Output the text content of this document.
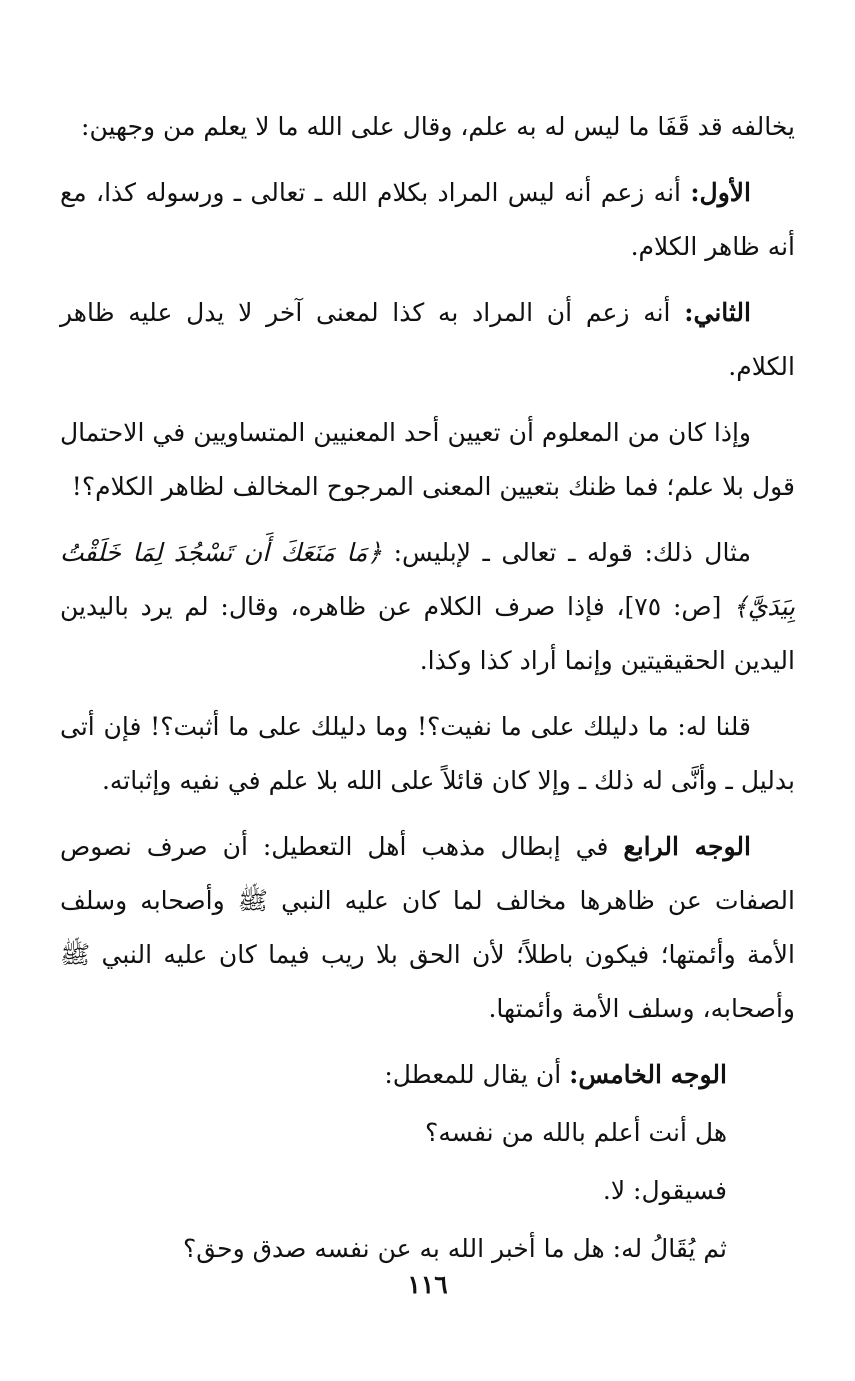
يخالفه قد قَفَا ما ليس له به علم، وقال على الله ما لا يعلم من وجهين:

الأول: أنه زعم أنه ليس المراد بكلام الله ـ تعالى ـ ورسوله كذا، مع أنه ظاهر الكلام.

الثاني: أنه زعم أن المراد به كذا لمعنى آخر لا يدل عليه ظاهر الكلام.

وإذا كان من المعلوم أن تعيين أحد المعنيين المتساويين في الاحتمال قول بلا علم؛ فما ظنك بتعيين المعنى المرجوح المخالف لظاهر الكلام؟!

مثال ذلك: قوله ـ تعالى ـ لإبليس: ﴿مَا مَنَعَكَ أَن تَسْجُدَ لِمَا خَلَقْتُ بِيَدَيَّ﴾ [ص: ٧٥]، فإذا صرف الكلام عن ظاهره، وقال: لم يرد باليدين اليدين الحقيقيتين وإنما أراد كذا وكذا.

قلنا له: ما دليلك على ما نفيت؟! وما دليلك على ما أثبت؟! فإن أتى بدليل ـ وأنَّى له ذلك ـ وإلا كان قائلاً على الله بلا علم في نفيه وإثباته.

الوجه الرابع في إبطال مذهب أهل التعطيل: أن صرف نصوص الصفات عن ظاهرها مخالف لما كان عليه النبي ﷺ وأصحابه وسلف الأمة وأئمتها؛ فيكون باطلاً؛ لأن الحق بلا ريب فيما كان عليه النبي ﷺ وأصحابه، وسلف الأمة وأئمتها.

الوجه الخامس: أن يقال للمعطل:

هل أنت أعلم بالله من نفسه؟

فسيقول: لا.

ثم يُقَالُ له: هل ما أخبر الله به عن نفسه صدق وحق؟

١١٦
